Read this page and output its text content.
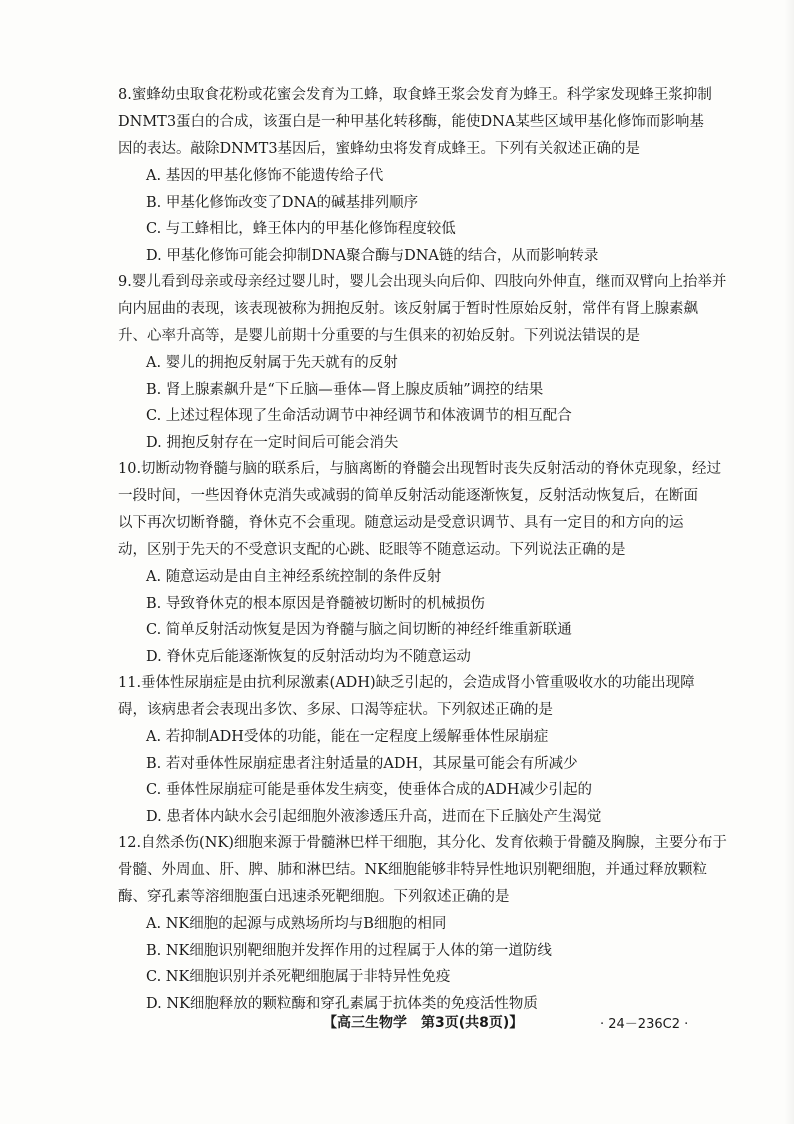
8.蜜蜂幼虫取食花粉或花蜜会发育为工蜂，取食蜂王浆会发育为蜂王。科学家发现蜂王浆抑制
DNMT3蛋白的合成，该蛋白是一种甲基化转移酶，能使DNA某些区域甲基化修饰而影响基
因的表达。敲除DNMT3基因后，蜜蜂幼虫将发育成蜂王。下列有关叙述正确的是
A. 基因的甲基化修饰不能遗传给子代
B. 甲基化修饰改变了DNA的碱基排列顺序
C. 与工蜂相比，蜂王体内的甲基化修饰程度较低
D. 甲基化修饰可能会抑制DNA聚合酶与DNA链的结合，从而影响转录
9.婴儿看到母亲或母亲经过婴儿时，婴儿会出现头向后仰、四肢向外伸直，继而双臂向上抬举并
向内屈曲的表现，该表现被称为拥抱反射。该反射属于暂时性原始反射，常伴有肾上腺素飙
升、心率升高等，是婴儿前期十分重要的与生俱来的初始反射。下列说法错误的是
A. 婴儿的拥抱反射属于先天就有的反射
B. 肾上腺素飙升是“下丘脑—垂体—肾上腺皮质轴”调控的结果
C. 上述过程体现了生命活动调节中神经调节和体液调节的相互配合
D. 拥抱反射存在一定时间后可能会消失
10.切断动物脊髓与脑的联系后，与脑离断的脊髓会出现暂时丧失反射活动的脊休克现象，经过
一段时间，一些因脊休克消失或减弱的简单反射活动能逐渐恢复，反射活动恢复后，在断面
以下再次切断脊髓，脊休克不会重现。随意运动是受意识调节、具有一定目的和方向的运
动，区别于先天的不受意识支配的心跳、眨眼等不随意运动。下列说法正确的是
A. 随意运动是由自主神经系统控制的条件反射
B. 导致脊休克的根本原因是脊髓被切断时的机械损伤
C. 简单反射活动恢复是因为脊髓与脑之间切断的神经纤维重新联通
D. 脊休克后能逐渐恢复的反射活动均为不随意运动
11.垂体性尿崩症是由抗利尿激素(ADH)缺乏引起的，会造成肾小管重吸收水的功能出现障
碍，该病患者会表现出多饮、多尿、口渴等症状。下列叙述正确的是
A. 若抑制ADH受体的功能，能在一定程度上缓解垂体性尿崩症
B. 若对垂体性尿崩症患者注射适量的ADH，其尿量可能会有所减少
C. 垂体性尿崩症可能是垂体发生病变，使垂体合成的ADH减少引起的
D. 患者体内缺水会引起细胞外液渗透压升高，进而在下丘脑处产生渴觉
12.自然杀伤(NK)细胞来源于骨髓淋巴样干细胞，其分化、发育依赖于骨髓及胸腺，主要分布于
骨髓、外周血、肝、脾、肺和淋巴结。NK细胞能够非特异性地识别靶细胞，并通过释放颗粒
酶、穿孔素等溶细胞蛋白迅速杀死靶细胞。下列叙述正确的是
A. NK细胞的起源与成熟场所均与B细胞的相同
B. NK细胞识别靶细胞并发挥作用的过程属于人体的第一道防线
C. NK细胞识别并杀死靶细胞属于非特异性免疫
D. NK细胞释放的颗粒酶和穿孔素属于抗体类的免疫活性物质
【高三生物学　第3页(共8页)】	· 24－236C2 ·
